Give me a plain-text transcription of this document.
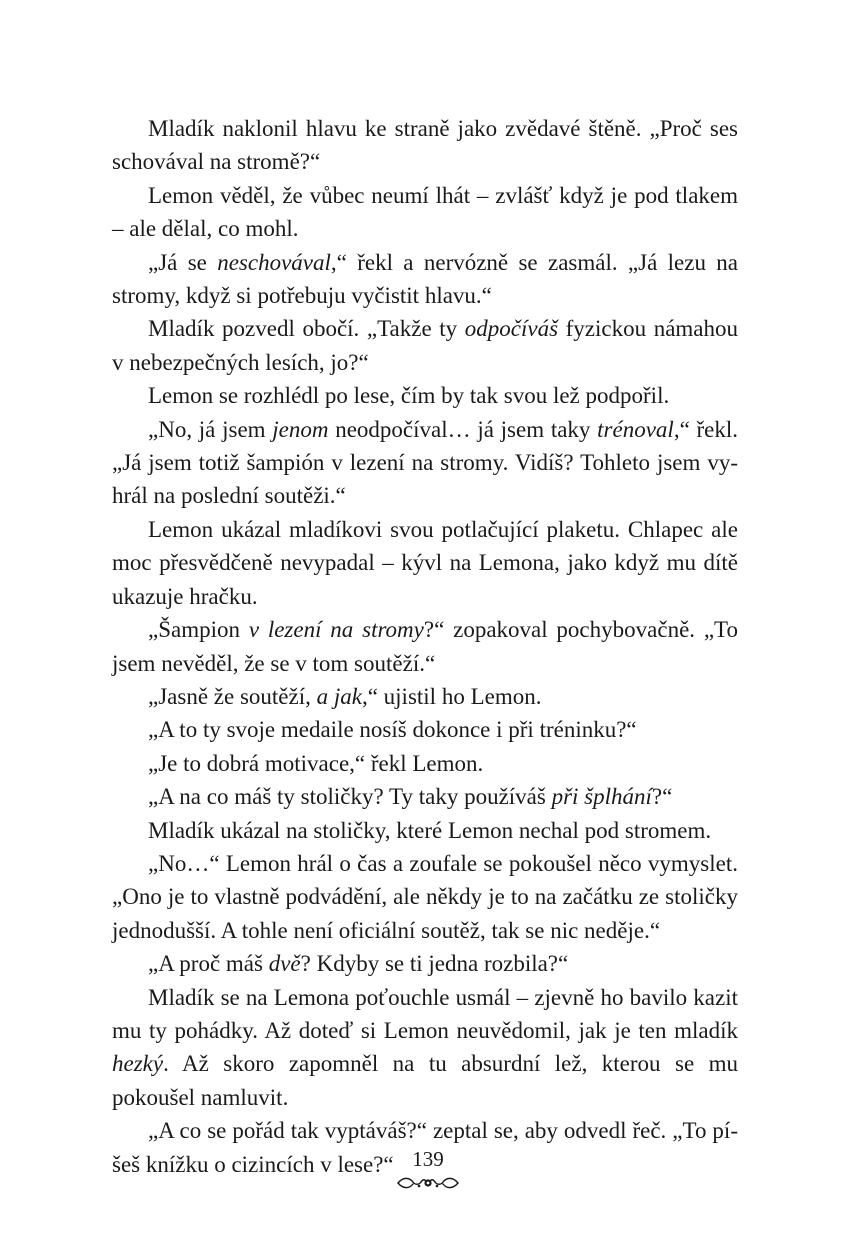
Mladík naklonil hlavu ke straně jako zvědavé štěně. „Proč ses schovával na stromě?“

Lemon věděl, že vůbec neumí lhát – zvlášť když je pod tlakem – ale dělal, co mohl.

„Já se neschovával,“ řekl a nervózně se zasmál. „Já lezu na stromy, když si potřebuju vyčistit hlavu.“

Mladík pozvedl obočí. „Takže ty odpočíváš fyzickou námahou v nebezpečných lesích, jo?“

Lemon se rozhlédl po lese, čím by tak svou lež podpořil.

„No, já jsem jenom neodpočíval… já jsem taky trénoval,“ řekl. „Já jsem totiž šampión v lezení na stromy. Vidíš? Tohleto jsem vyhrál na poslední soutěži.“

Lemon ukázal mladíkovi svou potlačující plaketu. Chlapec ale moc přesvědčeně nevypadal – kývl na Lemona, jako když mu dítě ukazuje hračku.

„Šampion v lezení na stromy?“ zopakoval pochybovačně. „To jsem nevěděl, že se v tom soutěží.“

„Jasně že soutěží, a jak,“ ujistil ho Lemon.

„A to ty svoje medaile nosíš dokonce i při tréninku?“

„Je to dobrá motivace,“ řekl Lemon.

„A na co máš ty stoličky? Ty taky používáš při šplhání?“

Mladík ukázal na stoličky, které Lemon nechal pod stromem.

„No…“ Lemon hrál o čas a zoufale se pokoušel něco vymyslet. „Ono je to vlastně podvádění, ale někdy je to na začátku ze stoličky jednodušší. A tohle není oficiální soutěž, tak se nic neděje.“

„A proč máš dvě? Kdyby se ti jedna rozbila?“

Mladík se na Lemona poťouchle usmál – zjevně ho bavilo kazit mu ty pohádky. Až doteď si Lemon neuvědomil, jak je ten mladík hezký. Až skoro zapomněl na tu absurdní lež, kterou se mu pokoušel namluvit.

„A co se pořád tak vyptáváš?“ zeptal se, aby odvedl řeč. „To píšeš knížku o cizincích v lese?“ 139
